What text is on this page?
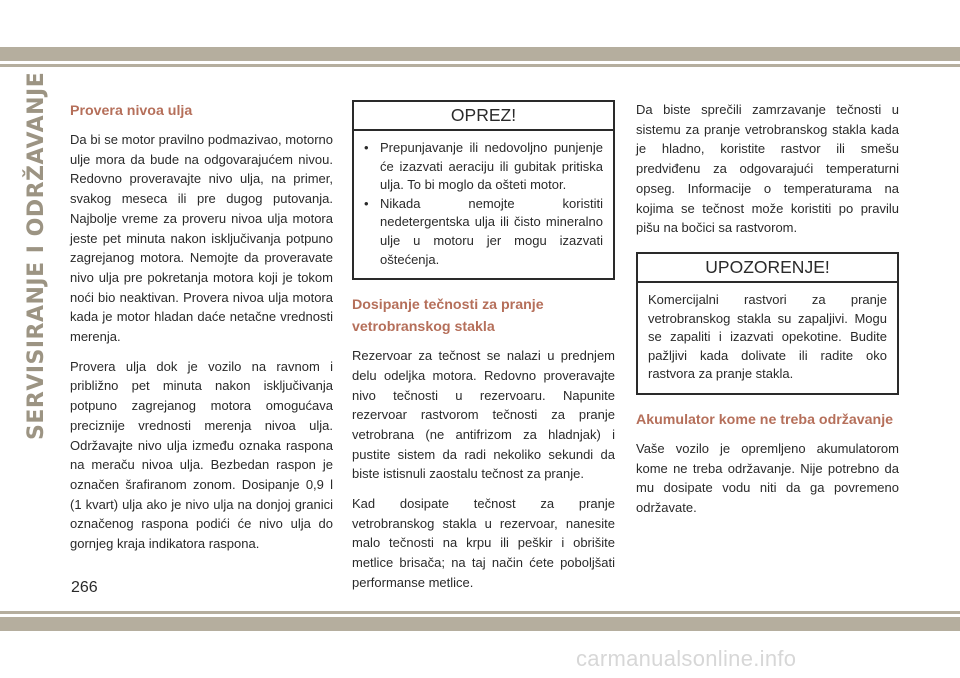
SERVISIRANJE I ODRŽAVANJE Provera nivoa ulja

Da bi se motor pravilno podmazivao, motorno ulje mora da bude na odgovarajućem nivou. Redovno proveravajte nivo ulja, na primer, svakog meseca ili pre dugog putovanja. Najbolje vreme za proveru nivoa ulja motora jeste pet minuta nakon isključivanja potpuno zagrejanog motora. Nemojte da proveravate nivo ulja pre pokretanja motora koji je tokom noći bio neaktivan. Provera nivoa ulja motora kada je motor hladan daće netačne vrednosti merenja.

Provera ulja dok je vozilo na ravnom i približno pet minuta nakon isključivanja potpuno zagrejanog motora omogućava preciznije vrednosti merenja nivoa ulja. Održavajte nivo ulja između oznaka raspona na meraču nivoa ulja. Bezbedan raspon je označen šrafiranom zonom. Dosipanje 0,9 l (1 kvart) ulja ako je nivo ulja na donjoj granici označenog raspona podići će nivo ulja do gornjeg kraja indikatora raspona.

OPREZ!
• Prepunjavanje ili nedovoljno punjenje će izazvati aeraciju ili gubitak pritiska ulja. To bi moglo da ošteti motor.
• Nikada nemojte koristiti nedetergentska ulja ili čisto mineralno ulje u motoru jer mogu izazvati oštećenja.
Dosipanje tečnosti za pranje vetrobranskog stakla

Rezervoar za tečnost se nalazi u prednjem delu odeljka motora. Redovno proveravajte nivo tečnosti u rezervoaru. Napunite rezervoar rastvorom tečnosti za pranje vetrobrana (ne antifrizom za hladnjak) i pustite sistem da radi nekoliko sekundi da biste istisnuli zaostalu tečnost za pranje.

Kad dosipate tečnost za pranje vetrobranskog stakla u rezervoar, nanesite malo tečnosti na krpu ili peškir i obrišite metlice brisača; na taj način ćete poboljšati performanse metlice.

Da biste sprečili zamrzavanje tečnosti u sistemu za pranje vetrobranskog stakla kada je hladno, koristite rastvor ili smešu predviđenu za odgovarajući temperaturni opseg. Informacije o temperaturama na kojima se tečnost može koristiti po pravilu pišu na bočici sa rastvorom.

UPOZORENJE!

Komercijalni rastvori za pranje vetrobranskog stakla su zapaljivi. Mogu se zapaliti i izazvati opekotine. Budite pažljivi kada dolivate ili radite oko rastvora za pranje stakla.

Akumulator kome ne treba održavanje

Vaše vozilo je opremljeno akumulatorom kome ne treba održavanje. Nije potrebno da mu dosipate vodu niti da ga povremeno održavate.

266
carmanualsonline.info
